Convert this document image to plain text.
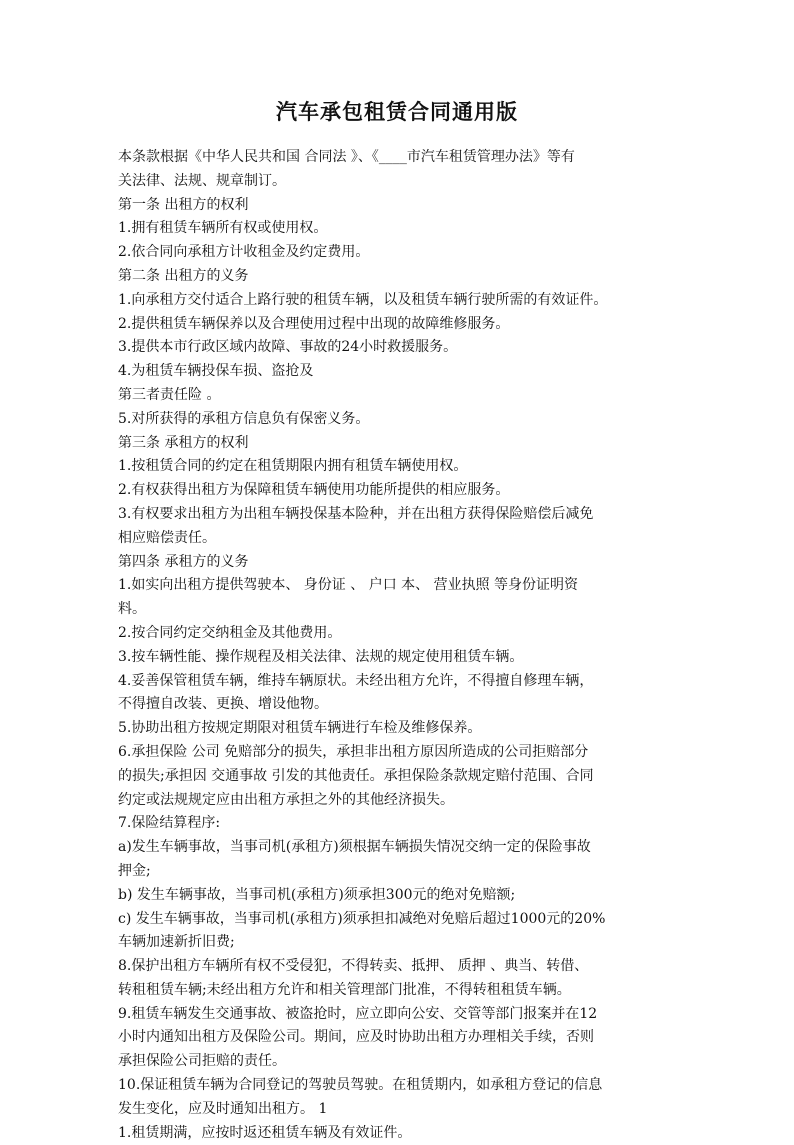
汽车承包租赁合同通用版
本条款根据《中华人民共和国 合同法 》、《____市汽车租赁管理办法》等有
关法律、法规、规章制订。
第一条 出租方的权利
1.拥有租赁车辆所有权或使用权。
2.依合同向承租方计收租金及约定费用。
第二条 出租方的义务
1.向承租方交付适合上路行驶的租赁车辆，以及租赁车辆行驶所需的有效证件。
2.提供租赁车辆保养以及合理使用过程中出现的故障维修服务。
3.提供本市行政区域内故障、事故的24小时救援服务。
4.为租赁车辆投保车损、盗抢及
第三者责任险 。
5.对所获得的承租方信息负有保密义务。
第三条 承租方的权利
1.按租赁合同的约定在租赁期限内拥有租赁车辆使用权。
2.有权获得出租方为保障租赁车辆使用功能所提供的相应服务。
3.有权要求出租方为出租车辆投保基本险种，并在出租方获得保险赔偿后减免
相应赔偿责任。
第四条 承租方的义务
1.如实向出租方提供驾驶本、 身份证 、 户口 本、 营业执照 等身份证明资
料。
2.按合同约定交纳租金及其他费用。
3.按车辆性能、操作规程及相关法律、法规的规定使用租赁车辆。
4.妥善保管租赁车辆，维持车辆原状。未经出租方允许，不得擅自修理车辆，
不得擅自改装、更换、增设他物。
5.协助出租方按规定期限对租赁车辆进行车检及维修保养。
6.承担保险 公司 免赔部分的损失，承担非出租方原因所造成的公司拒赔部分
的损失;承担因 交通事故 引发的其他责任。承担保险条款规定赔付范围、合同
约定或法规规定应由出租方承担之外的其他经济损失。
7.保险结算程序:
a)发生车辆事故，当事司机(承租方)须根据车辆损失情况交纳一定的保险事故
押金;
b) 发生车辆事故，当事司机(承租方)须承担300元的绝对免赔额;
c) 发生车辆事故，当事司机(承租方)须承担扣减绝对免赔后超过1000元的20%
车辆加速新折旧费;
8.保护出租方车辆所有权不受侵犯，不得转卖、抵押、 质押 、典当、转借、
转租租赁车辆;未经出租方允许和相关管理部门批准，不得转租租赁车辆。
9.租赁车辆发生交通事故、被盗抢时，应立即向公安、交管等部门报案并在12
小时内通知出租方及保险公司。期间，应及时协助出租方办理相关手续，否则
承担保险公司拒赔的责任。
10.保证租赁车辆为合同登记的驾驶员驾驶。在租赁期内，如承租方登记的信息
发生变化，应及时通知出租方。 1
1.租赁期满，应按时返还租赁车辆及有效证件。
